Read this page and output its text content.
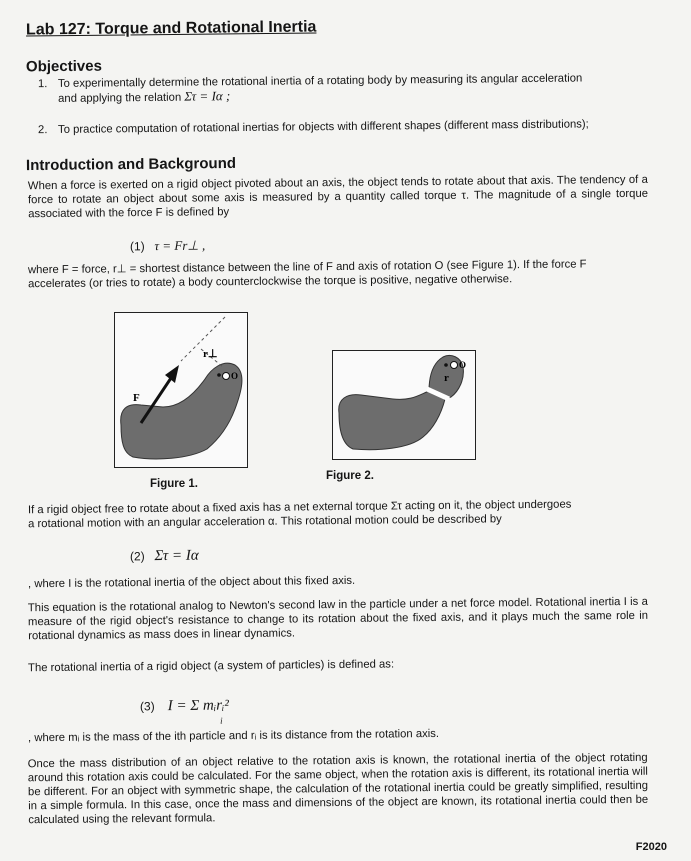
Lab 127: Torque and Rotational Inertia
Objectives
1. To experimentally determine the rotational inertia of a rotating body by measuring its angular acceleration
and applying the relation Στ = Iα ;
2. To practice computation of rotational inertias for objects with different shapes (different mass distributions);
Introduction and Background
When a force is exerted on a rigid object pivoted about an axis, the object tends to rotate about that axis. The tendency of a force to rotate an object about some axis is measured by a quantity called torque τ. The magnitude of a single torque associated with the force F is defined by
(1) τ = Fr⊥ ,
where F = force, r⊥ = shortest distance between the line of F and axis of rotation O (see Figure 1). If the force F
accelerates (or tries to rotate) a body counterclockwise the torque is positive, negative otherwise.
r⊥
F
O
Figure 1.
r
O
Figure 2.
If a rigid object free to rotate about a fixed axis has a net external torque Στ acting on it, the object undergoes
a rotational motion with an angular acceleration α. This rotational motion could be described by
(2) Στ = Iα
, where I is the rotational inertia of the object about this fixed axis.
This equation is the rotational analog to Newton's second law in the particle under a net force model. Rotational inertia I is a measure of the rigid object's resistance to change to its rotation about the fixed axis, and it plays much the same role in rotational dynamics as mass does in linear dynamics.
The rotational inertia of a rigid object (a system of particles) is defined as:
(3) I = Σ mᵢrᵢ²
i
, where mᵢ is the mass of the ith particle and rᵢ is its distance from the rotation axis.
Once the mass distribution of an object relative to the rotation axis is known, the rotational inertia of the object rotating around this rotation axis could be calculated. For the same object, when the rotation axis is different, its rotational inertia will be different. For an object with symmetric shape, the calculation of the rotational inertia could be greatly simplified, resulting in a simple formula. In this case, once the mass and dimensions of the object are known, its rotational inertia could then be calculated using the relevant formula.
F2020
